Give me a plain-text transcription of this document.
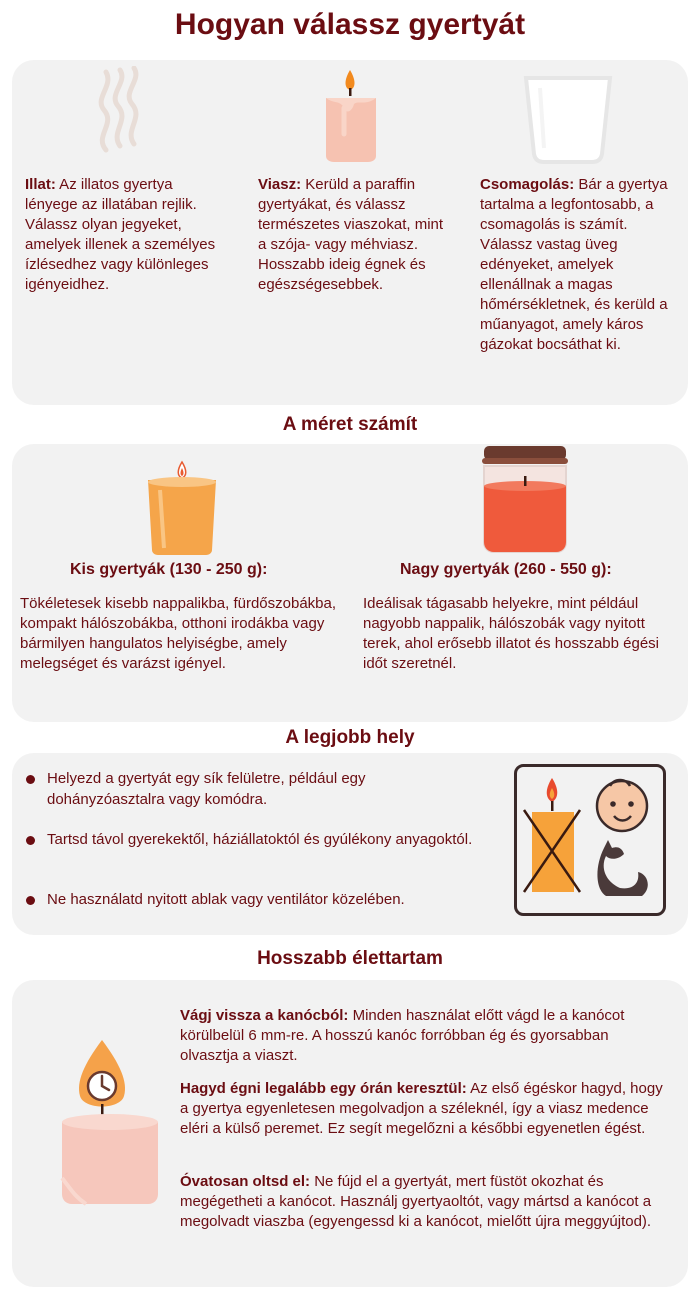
Hogyan válassz gyertyát
Illat: Az illatos gyertya lényege az illatában rejlik. Válassz olyan jegyeket, amelyek illenek a személyes ízlésedhez vagy különleges igényeidhez.
Viasz: Kerüld a paraffin gyertyákat, és válassz természetes viaszokat, mint a szója- vagy méhviasz. Hosszabb ideig égnek és egészségesebbek.
Csomagolás: Bár a gyertya tartalma a legfontosabb, a csomagolás is számít. Válassz vastag üveg edényeket, amelyek ellenállnak a magas hőmérsékletnek, és kerüld a műanyagot, amely káros gázokat bocsáthat ki.
A méret számít
Kis gyertyák (130 - 250 g):	Nagy gyertyák (260 - 550 g):
Tökéletesek kisebb nappalikba, fürdőszobákba, kompakt hálószobákba, otthoni irodákba vagy bármilyen hangulatos helyiségbe, amely melegséget és varázst igényel.
Ideálisak tágasabb helyekre, mint például nagyobb nappalik, hálószobák vagy nyitott terek, ahol erősebb illatot és hosszabb égési időt szeretnél.
A legjobb hely
Helyezd a gyertyát egy sík felületre, például egy dohányzóasztalra vagy komódra.
Tartsd távol gyerekektől, háziállatoktól és gyúlékony anyagoktól.
Ne használatd nyitott ablak vagy ventilátor közelében.
Hosszabb élettartam
Vágj vissza a kanócból: Minden használat előtt vágd le a kanócot körülbelül 6 mm-re. A hosszú kanóc forróbban ég és gyorsabban olvasztja a viaszt.
Hagyd égni legalább egy órán keresztül: Az első égéskor hagyd, hogy a gyertya egyenletesen megolvadjon a széleknél, így a viasz medence eléri a külső peremet. Ez segít megelőzni a későbbi egyenetlen égést.
Óvatosan oltsd el: Ne fújd el a gyertyát, mert füstöt okozhat és megégetheti a kanócot. Használj gyertyaoltót, vagy mártsd a kanócot a megolvadt viaszba (egyengessd ki a kanócot, mielőtt újra meggyújtod).
